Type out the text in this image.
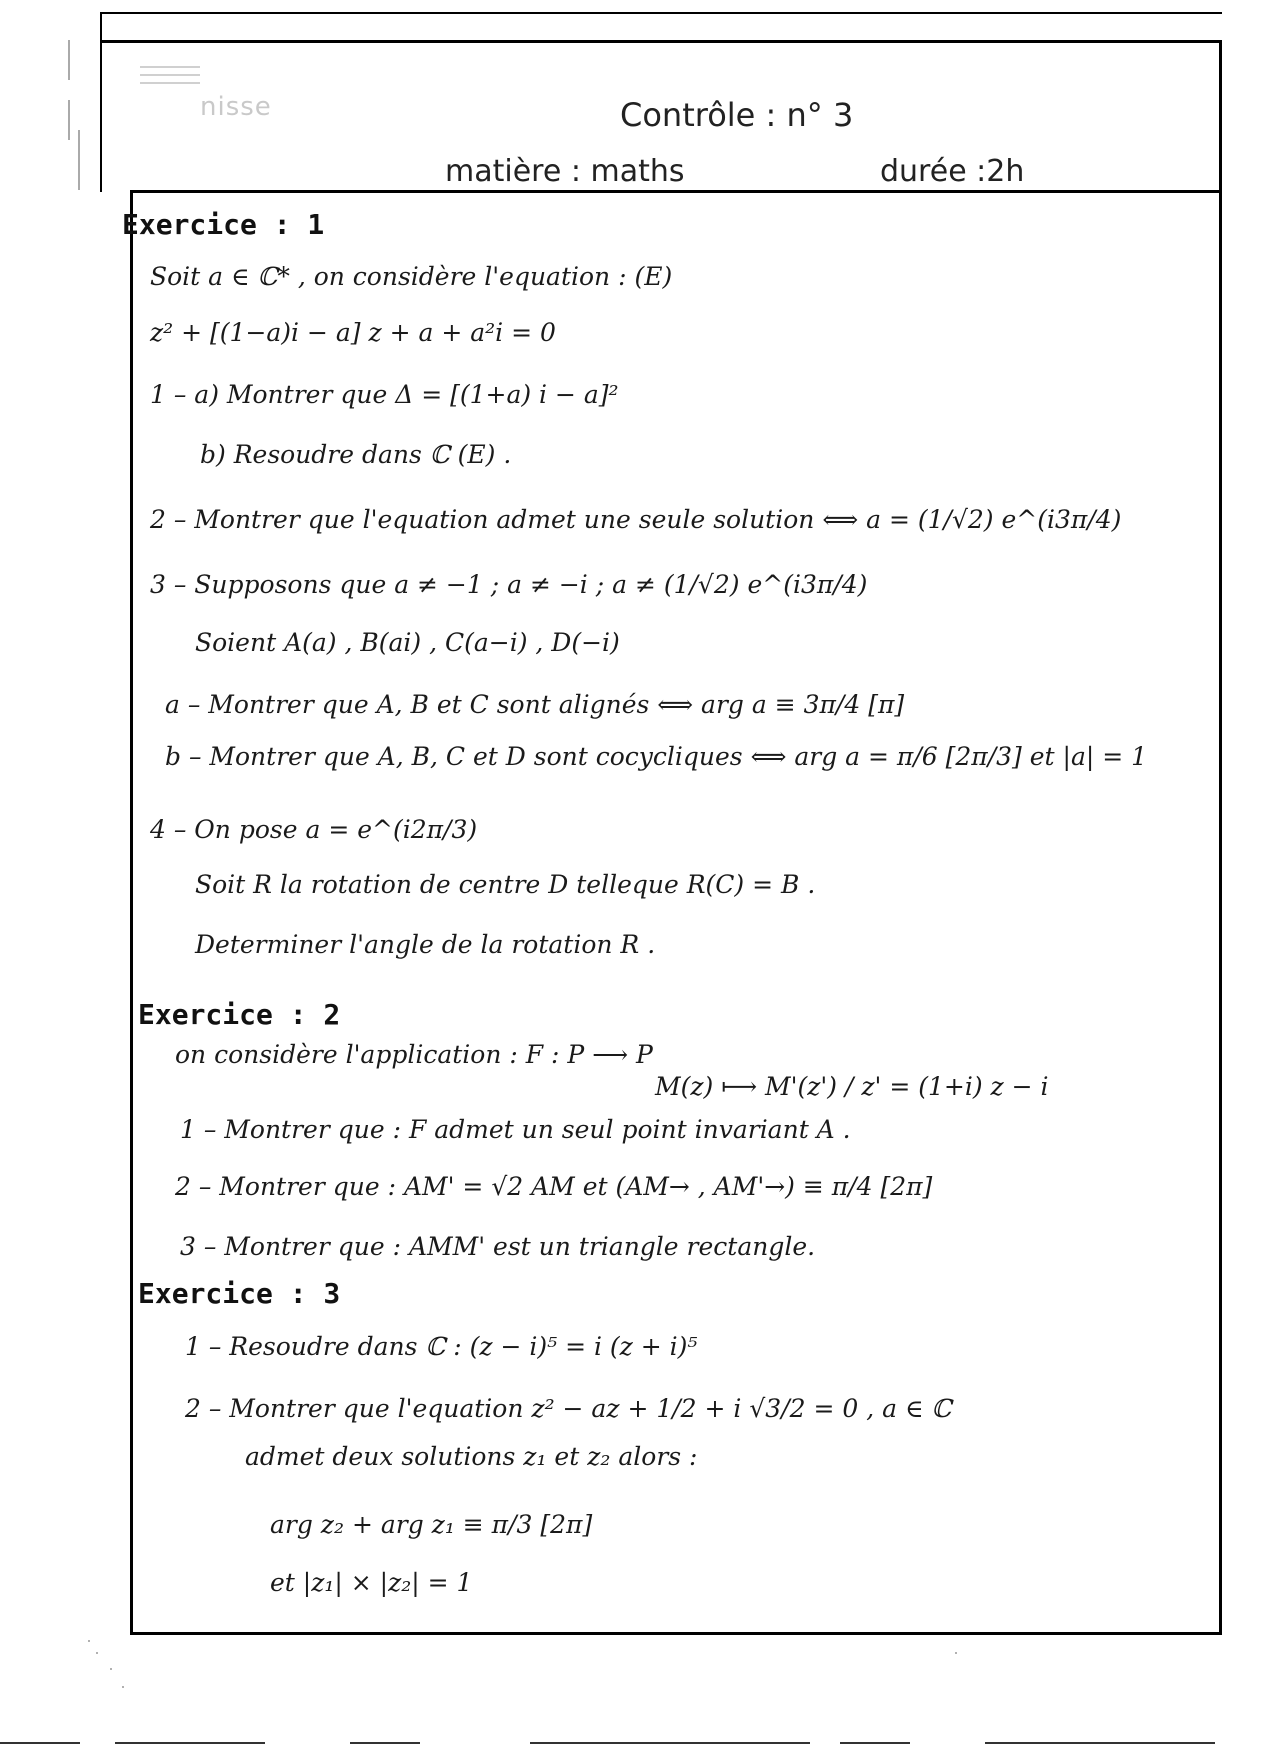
nisse	Contrôle : n° 3
matière : maths	durée :2h
Exercice : 1
Soit a ∈ ℂ* , on considère l'equation : (E)
z² + [(1−a)i − a] z + a + a²i = 0
1 – a) Montrer que Δ = [(1+a) i − a]²
b) Resoudre dans ℂ (E) .
2 – Montrer que l'equation admet une seule solution ⟺ a = (1/√2) e^(i3π/4)
3 – Supposons que a ≠ −1 ; a ≠ −i ; a ≠ (1/√2) e^(i3π/4)
Soient A(a) , B(ai) , C(a−i) , D(−i)
a – Montrer que A, B et C sont alignés ⟺ arg a ≡ 3π/4 [π]
b – Montrer que A, B, C et D sont cocycliques ⟺ arg a = π/6 [2π/3] et |a| = 1
4 – On pose a = e^(i2π/3)
Soit R la rotation de centre D telleque R(C) = B .
Determiner l'angle de la rotation R .
Exercice : 2
on considère l'application : F : P ⟶ P
M(z) ⟼ M'(z') / z' = (1+i) z − i
1 – Montrer que : F admet un seul point invariant A .
2 – Montrer que : AM' = √2 AM et (AM→ , AM'→) ≡ π/4 [2π]
3 – Montrer que : AMM' est un triangle rectangle.
Exercice : 3
1 – Resoudre dans ℂ : (z − i)⁵ = i (z + i)⁵
2 – Montrer que l'equation z² − az + 1/2 + i √3/2 = 0 , a ∈ ℂ
admet deux solutions z₁ et z₂ alors :
arg z₂ + arg z₁ ≡ π/3 [2π]
et |z₁| × |z₂| = 1
